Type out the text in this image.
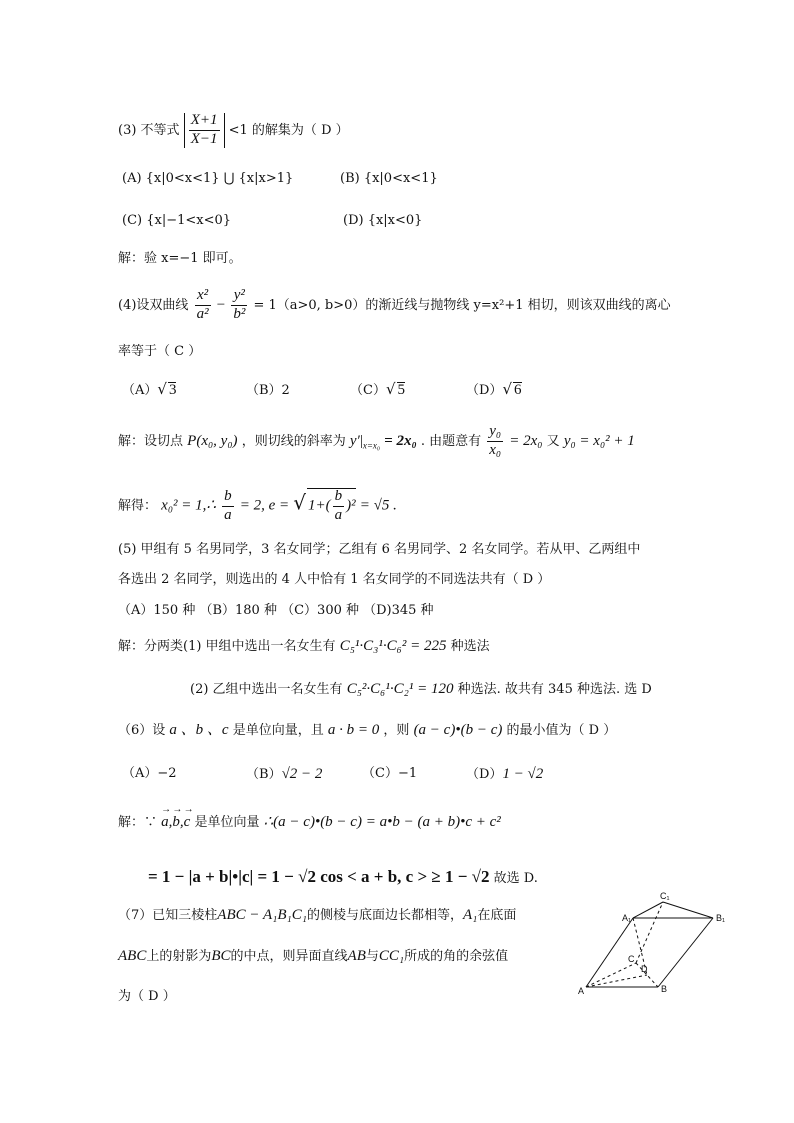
(3) 不等式 $\frac{X+1}{X-1} <1$ 的解集为（ D ）
(A) {x|0<x<1} ⋃ {x|x>1}	(B) {x|0<x<1}
(C) {x|−1<x<0}	(D) {x|x<0}
解：验 x=−1 即可。
(4)设双曲线 $\frac{\text{x²}}{\text{a²}} - \frac{\text{y²}}{\text{b²}} = 1(a>0$, b>0）的渐近线与抛物线 y=x²+1 相切，则该双曲线的离心
率等于（ C ）
（A）√ 3	（B）2	（C）√ 5	（D）√ 6
解：设切点 P(x₀, y₀) ，则切线的斜率为 $y'|_{x=x_0} = 2x_0$ . 由题意有 $\frac{\text{y₀}}{\text{x₀}} = 2x_0$ 又 y₀ = x₀² + 1
解得： x₀² = 1,∴ $\frac{b}{a} = 2$, e = √ $1+( \frac{b}{a} )^2 = √5$ .
(5) 甲组有 5 名男同学，3 名女同学；乙组有 6 名男同学、2 名女同学。若从甲、乙两组中
各选出 2 名同学，则选出的 4 人中恰有 1 名女同学的不同选法共有（ D ）
（A）150 种 （B）180 种 （C）300 种 （D)345 种
解：分两类(1) 甲组中选出一名女生有 C₅¹·C₃¹·C₆² = 225 种选法
(2) 乙组中选出一名女生有 C₅²·C₆¹·C₂¹ = 120 种选法. 故共有 345 种选法. 选 D
（6）设 a 、b 、c 是单位向量，且 a · b = 0 ，则 (a − c)•(b − c) 的最小值为（ D ）
（A）−2	（B）√2 − 2	（C）−1	（D）1 − √2
解：∵ → a,→ b,→ c 是单位向量 ∴(a − c)•(b − c) = a•b − (a + b)•c + c²
= 1 − |a + b|•|c| = 1 − √2 cos < a + b, c > ≥ 1 − √2 故选 D.
（7）已知三棱柱ABC − A₁B₁C₁的侧棱与底面边长都相等，A₁在底面
ABC上的射影为BC的中点，则异面直线AB与CC₁所成的角的余弦值
为（ D ）	A	B
C
D
A₁	B₁
C₁
